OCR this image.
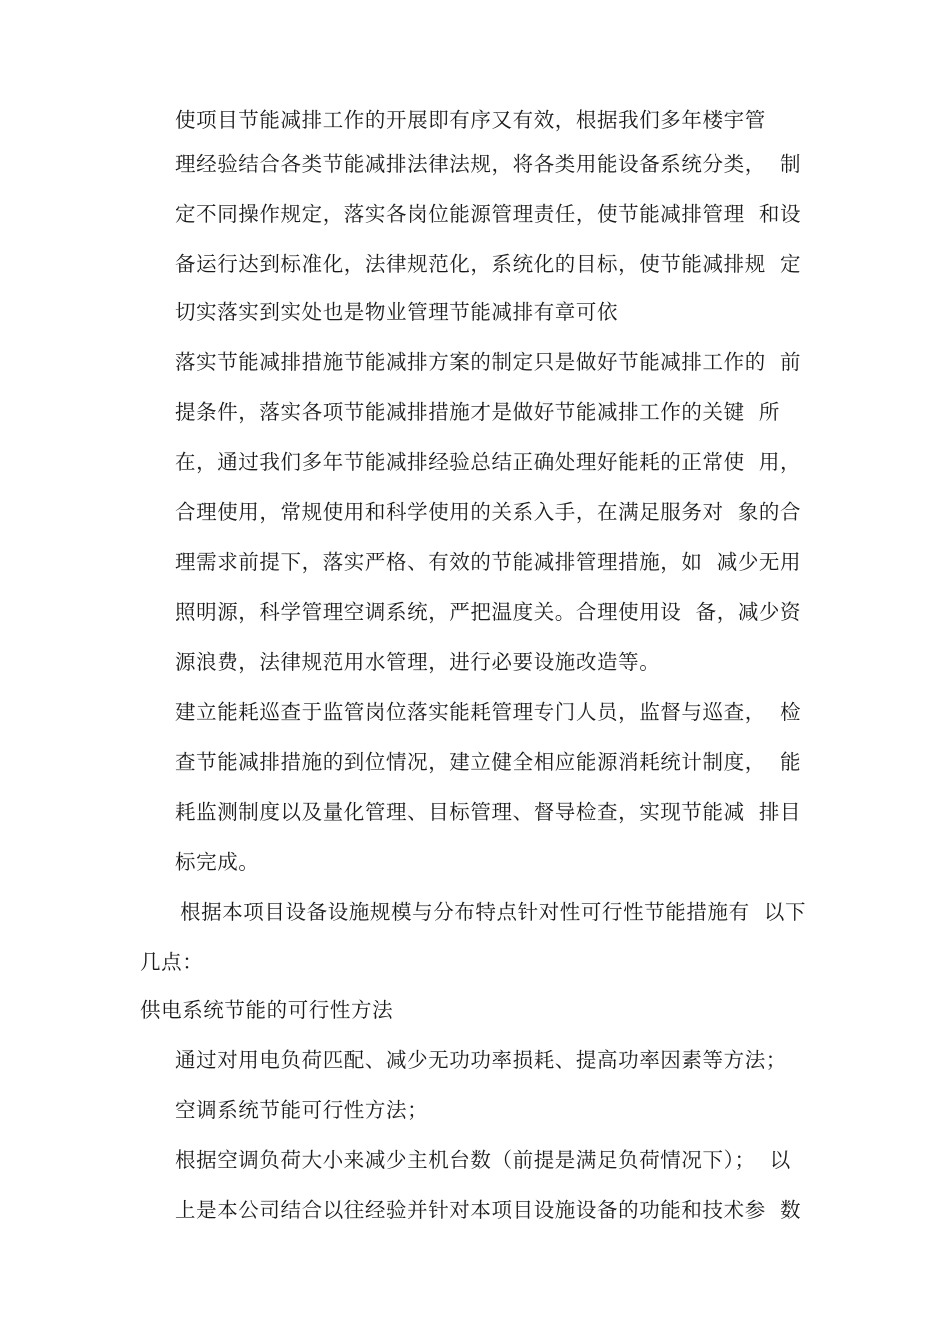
使项目节能减排工作的开展即有序又有效，根据我们多年楼宇管
理经验结合各类节能减排法律法规，将各类用能设备系统分类，  制
定不同操作规定，落实各岗位能源管理责任，使节能减排管理  和设
备运行达到标准化，法律规范化，系统化的目标，使节能减排规  定
切实落实到实处也是物业管理节能减排有章可依
落实节能减排措施节能减排方案的制定只是做好节能减排工作的  前
提条件，落实各项节能减排措施才是做好节能减排工作的关键  所
在，通过我们多年节能减排经验总结正确处理好能耗的正常使  用，
合理使用，常规使用和科学使用的关系入手，在满足服务对  象的合
理需求前提下，落实严格、有效的节能减排管理措施，如  减少无用
照明源，科学管理空调系统，严把温度关。合理使用设  备，减少资
源浪费，法律规范用水管理，进行必要设施改造等。
建立能耗巡查于监管岗位落实能耗管理专门人员，监督与巡查，  检
查节能减排措施的到位情况，建立健全相应能源消耗统计制度，  能
耗监测制度以及量化管理、目标管理、督导检查，实现节能减  排目
标完成。
根据本项目设备设施规模与分布特点针对性可行性节能措施有  以下
几点：
供电系统节能的可行性方法
通过对用电负荷匹配、减少无功功率损耗、提高功率因素等方法；
空调系统节能可行性方法；
根据空调负荷大小来减少主机台数（前提是满足负荷情况下）；  以
上是本公司结合以往经验并针对本项目设施设备的功能和技术参  数
